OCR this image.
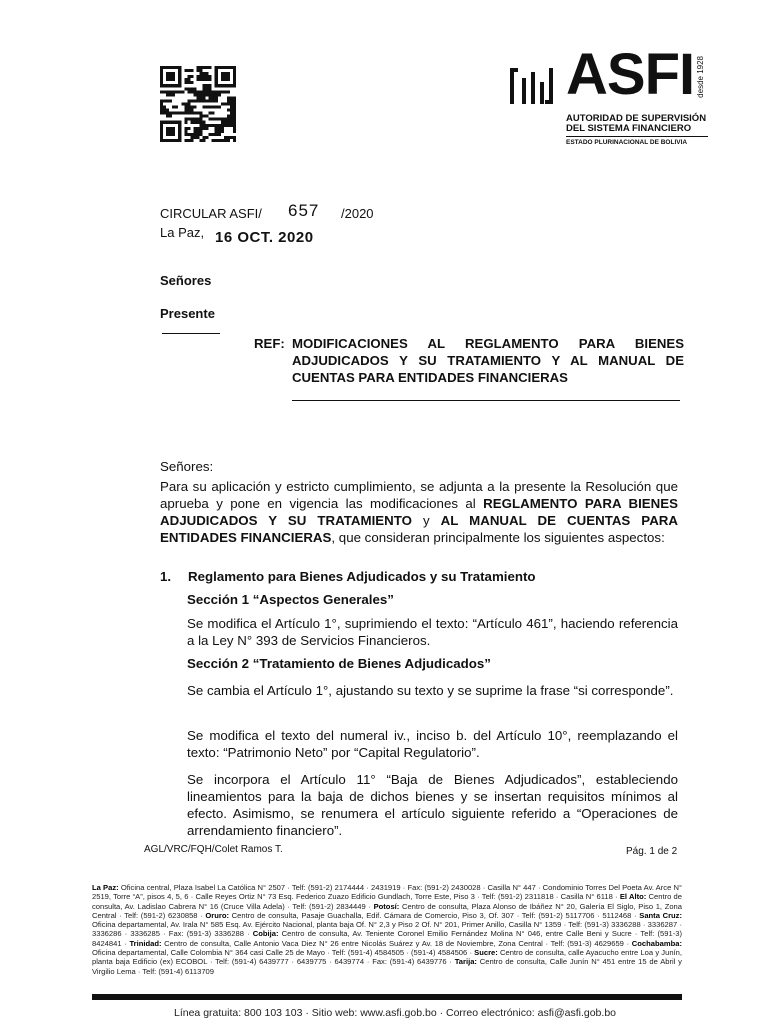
ASFI desde 1928
AUTORIDAD DE SUPERVISIÓN
DEL SISTEMA FINANCIERO
ESTADO PLURINACIONAL DE BOLIVIA
CIRCULAR ASFI/ 657 /2020
La Paz, 16 OCT. 2020
Señores
Presente
REF: MODIFICACIONES AL REGLAMENTO PARA BIENES ADJUDICADOS Y SU TRATAMIENTO Y AL MANUAL DE CUENTAS PARA ENTIDADES FINANCIERAS
Señores:
Para su aplicación y estricto cumplimiento, se adjunta a la presente la Resolución que aprueba y pone en vigencia las modificaciones al REGLAMENTO PARA BIENES ADJUDICADOS Y SU TRATAMIENTO y AL MANUAL DE CUENTAS PARA ENTIDADES FINANCIERAS, que consideran principalmente los siguientes aspectos:
1. Reglamento para Bienes Adjudicados y su Tratamiento
Sección 1 “Aspectos Generales”
Se modifica el Artículo 1°, suprimiendo el texto: “Artículo 461”, haciendo referencia a la Ley N° 393 de Servicios Financieros.
Sección 2 “Tratamiento de Bienes Adjudicados”
Se cambia el Artículo 1°, ajustando su texto y se suprime la frase “si corresponde”.
Se modifica el texto del numeral iv., inciso b. del Artículo 10°, reemplazando el texto: “Patrimonio Neto” por “Capital Regulatorio”.
Se incorpora el Artículo 11° “Baja de Bienes Adjudicados”, estableciendo lineamientos para la baja de dichos bienes y se insertan requisitos mínimos al efecto. Asimismo, se renumera el artículo siguiente referido a “Operaciones de arrendamiento financiero”.
AGL/VRC/FQH/Colet Ramos T.	Pág. 1 de 2
La Paz: Oficina central, Plaza Isabel La Católica N° 2507 · Telf: (591-2) 2174444 · 2431919 · Fax: (591-2) 2430028 · Casilla N° 447 · Condominio Torres Del Poeta Av. Arce N° 2519, Torre “A”, pisos 4, 5, 6 · Calle Reyes Ortiz N° 73 Esq. Federico Zuazo Edificio Gundlach, Torre Este, Piso 3 · Telf: (591-2) 2311818 · Casilla N° 6118 · El Alto: Centro de consulta, Av. Ladislao Cabrera N° 16 (Cruce Villa Adela) · Telf: (591-2) 2834449 · Potosí: Centro de consulta, Plaza Alonso de Ibáñez N° 20, Galería El Siglo, Piso 1, Zona Central · Telf: (591-2) 6230858 · Oruro: Centro de consulta, Pasaje Guachalla, Edif. Cámara de Comercio, Piso 3, Of. 307 · Telf: (591-2) 5117706 · 5112468 · Santa Cruz: Oficina departamental, Av. Irala N° 585 Esq. Av. Ejército Nacional, planta baja Of. N° 2,3 y Piso 2 Of. N° 201, Primer Anillo, Casilla N° 1359 · Telf: (591-3) 3336288 · 3336287 · 3336286 · 3336285 · Fax: (591-3) 3336288 · Cobija: Centro de consulta, Av. Teniente Coronel Emilio Fernández Molina N° 046, entre Calle Beni y Sucre · Telf: (591-3) 8424841 · Trinidad: Centro de consulta, Calle Antonio Vaca Diez N° 26 entre Nicolás Suárez y Av. 18 de Noviembre, Zona Central · Telf: (591-3) 4629659 · Cochabamba: Oficina departamental, Calle Colombia N° 364 casi Calle 25 de Mayo · Telf: (591-4) 4584505 · (591-4) 4584506 · Sucre: Centro de consulta, calle Ayacucho entre Loa y Junín, planta baja Edificio (ex) ECOBOL · Telf: (591-4) 6439777 · 6439775 · 6439774 · Fax: (591-4) 6439776 · Tarija: Centro de consulta, Calle Junín N° 451 entre 15 de Abril y Virgilio Lema · Telf: (591-4) 6113709
Línea gratuita: 800 103 103 · Sitio web: www.asfi.gob.bo · Correo electrónico: asfi@asfi.gob.bo
